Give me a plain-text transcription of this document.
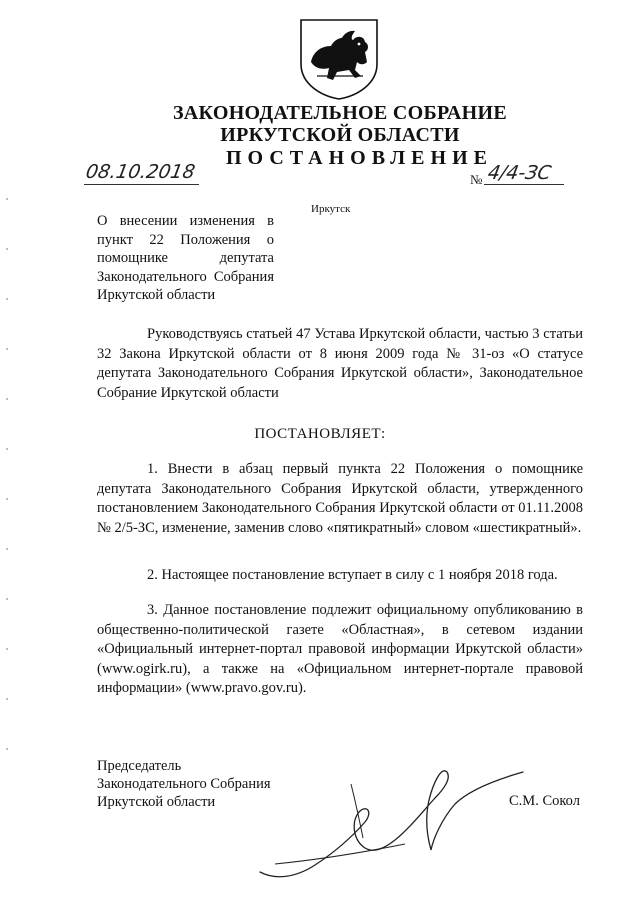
ЗАКОНОДАТЕЛЬНОЕ СОБРАНИЕ
ИРКУТСКОЙ ОБЛАСТИ
ПОСТАНОВЛЕНИЕ
08.10.2018	№ 4/4-ЗС
Иркутск
О внесении изменения в пункт 22 Положения о помощнике депутата Законодательного Собрания Иркутской области
Руководствуясь статьей 47 Устава Иркутской области, частью 3 статьи 32 Закона Иркутской области от 8 июня 2009 года № 31-оз «О статусе депутата Законодательного Собрания Иркутской области», Законодательное Собрание Иркутской области
ПОСТАНОВЛЯЕТ:
1. Внести в абзац первый пункта 22 Положения о помощнике депутата Законодательного Собрания Иркутской области, утвержденного постановлением Законодательного Собрания Иркутской области от 01.11.2008 № 2/5-ЗС, изменение, заменив слово «пятикратный» словом «шестикратный».
2. Настоящее постановление вступает в силу с 1 ноября 2018 года.
3. Данное постановление подлежит официальному опубликованию в общественно-политической газете «Областная», в сетевом издании «Официальный интернет-портал правовой информации Иркутской области» (www.ogirk.ru), а также на «Официальном интернет-портале правовой информации» (www.pravo.gov.ru).
Председатель
Законодательного Собрания
Иркутской области	С.М. Сокол
